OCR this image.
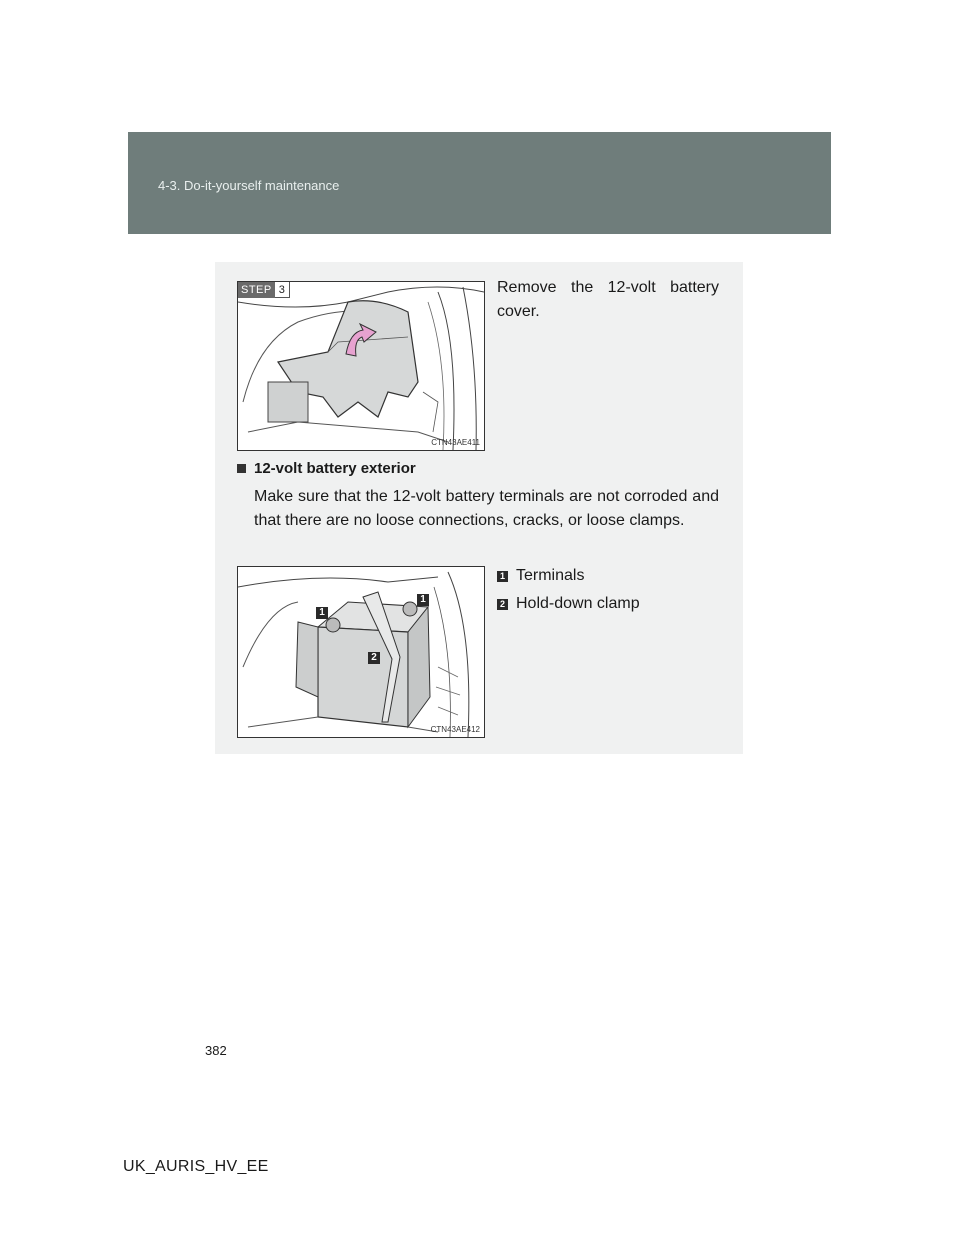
4-3. Do-it-yourself maintenance
STEP 3
CTN43AE411
Remove the 12-volt battery cover.
12-volt battery exterior
Make sure that the 12-volt battery terminals are not corroded and that there are no loose connections, cracks, or loose clamps.
1
1
2
CTN43AE412
1 Terminals
2 Hold-down clamp
382
UK_AURIS_HV_EE
